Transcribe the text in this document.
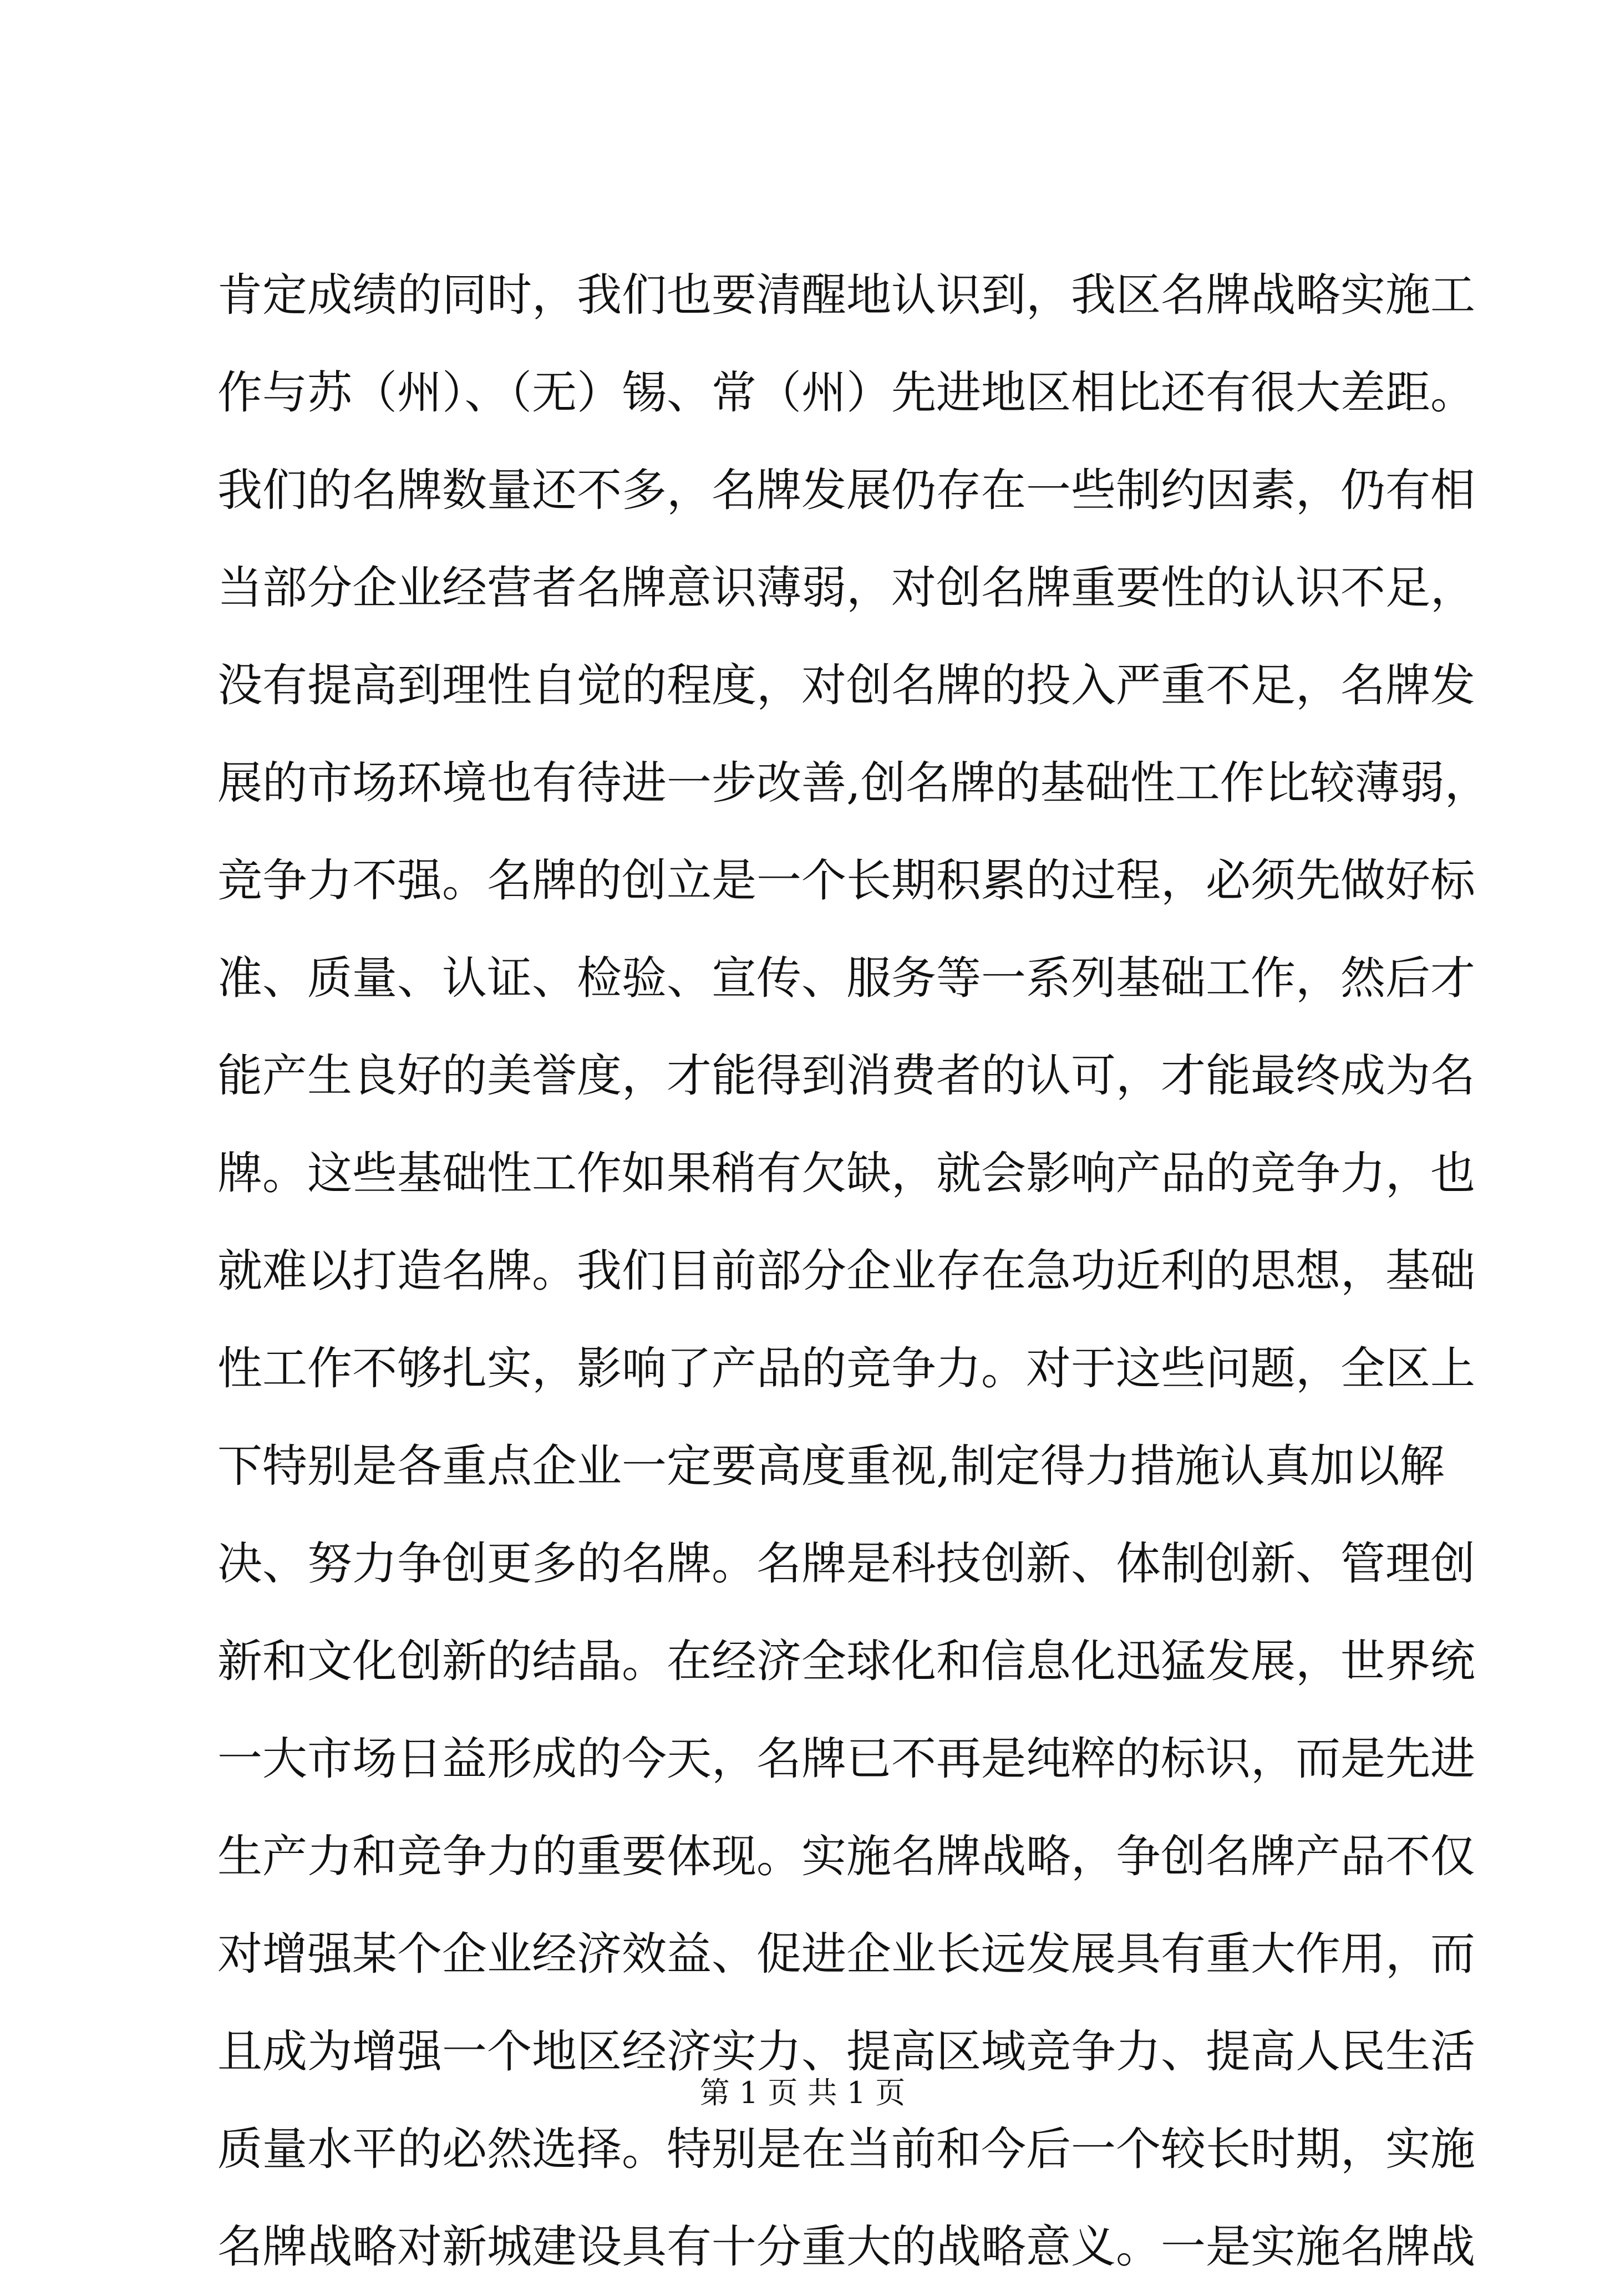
肯定成绩的同时，我们也要清醒地认识到，我区名牌战略实施工
作与苏（州）、（无）锡、常（州）先进地区相比还有很大差距。
我们的名牌数量还不多，名牌发展仍存在一些制约因素，仍有相
当部分企业经营者名牌意识薄弱，对创名牌重要性的认识不足，
没有提高到理性自觉的程度，对创名牌的投入严重不足，名牌发
展的市场环境也有待进一步改善,创名牌的基础性工作比较薄弱，
竞争力不强。名牌的创立是一个长期积累的过程，必须先做好标
准、质量、认证、检验、宣传、服务等一系列基础工作，然后才
能产生良好的美誉度，才能得到消费者的认可，才能最终成为名
牌。这些基础性工作如果稍有欠缺，就会影响产品的竞争力，也
就难以打造名牌。我们目前部分企业存在急功近利的思想，基础
性工作不够扎实，影响了产品的竞争力。对于这些问题，全区上
下特别是各重点企业一定要高度重视,制定得力措施认真加以解
决、努力争创更多的名牌。名牌是科技创新、体制创新、管理创
新和文化创新的结晶。在经济全球化和信息化迅猛发展，世界统
一大市场日益形成的今天，名牌已不再是纯粹的标识，而是先进
生产力和竞争力的重要体现。实施名牌战略，争创名牌产品不仅
对增强某个企业经济效益、促进企业长远发展具有重大作用，而
且成为增强一个地区经济实力、提高区域竞争力、提高人民生活
质量水平的必然选择。特别是在当前和今后一个较长时期，实施
名牌战略对新城建设具有十分重大的战略意义。一是实施名牌战
第 1 页 共 1 页
